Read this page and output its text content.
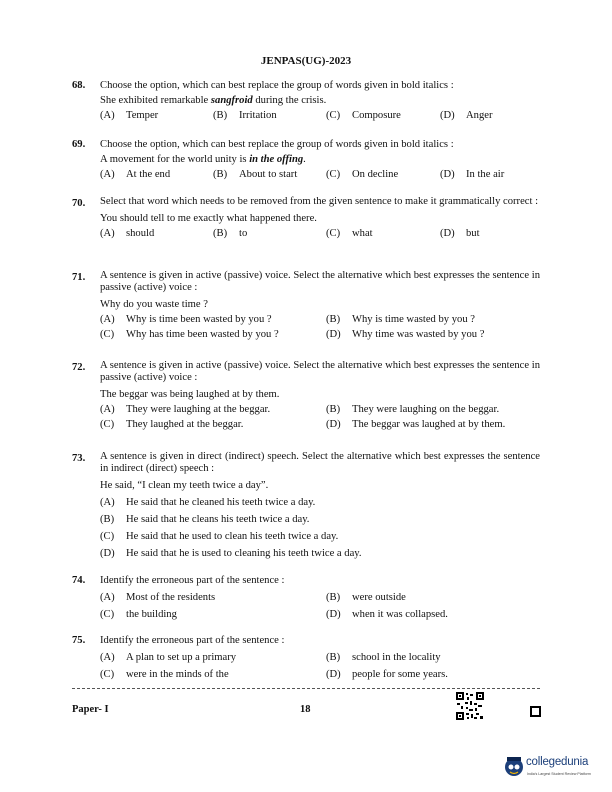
JENPAS(UG)-2023
68. Choose the option, which can best replace the group of words given in bold italics :
She exhibited remarkable sangfroid during the crisis.
(A)	Temper	(B)	Irritation	(C)	Composure	(D)	Anger
69. Choose the option, which can best replace the group of words given in bold italics :
A movement for the world unity is in the offing.
(A)	At the end	(B)	About to start	(C)	On decline	(D)	In the air
70. Select that word which needs to be removed from the given sentence to make it grammatically correct :
You should tell to me exactly what happened there.
(A)	should	(B)	to	(C)	what	(D)	but
71. A sentence is given in active (passive) voice. Select the alternative which best expresses the sentence in passive (active) voice :
Why do you waste time ?
(A)	Why is time been wasted by you ?	(B)	Why is time wasted by you ?
(C)	Why has time been wasted by you ?	(D)	Why time was wasted by you ?
72. A sentence is given in active (passive) voice. Select the alternative which best expresses the sentence in passive (active) voice :
The beggar was being laughed at by them.
(A)	They were laughing at the beggar.	(B)	They were laughing on the beggar.
(C)	They laughed at the beggar.	(D)	The beggar was laughed at by them.
73. A sentence is given in direct (indirect) speech. Select the alternative which best expresses the sentence in indirect (direct) speech :
He said, “I clean my teeth twice a day”.
(A)	He said that he cleaned his teeth twice a day.
(B)	He said that he cleans his teeth twice a day.
(C)	He said that he used to clean his teeth twice a day.
(D)	He said that he is used to cleaning his teeth twice a day.
74. Identify the erroneous part of the sentence :
(A)	Most of the residents	(B)	were outside
(C)	the building	(D)	when it was collapsed.
75. Identify the erroneous part of the sentence :
(A)	A plan to set up a primary	(B)	school in the locality
(C)	were in the minds of the	(D)	people for some years.
Paper- I	18
collegedunia
India's Largest Student Review Platform
